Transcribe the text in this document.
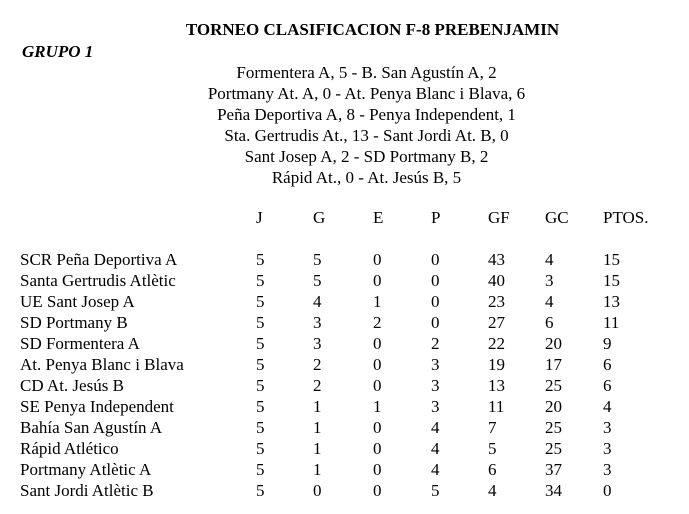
TORNEO CLASIFICACION F-8 PREBENJAMIN
GRUPO 1
Formentera A, 5 - B. San Agustín A, 2
Portmany At. A, 0 - At. Penya Blanc i Blava, 6
Peña Deportiva A, 8 - Penya Independent, 1
Sta. Gertrudis At., 13 - Sant Jordi At. B, 0
Sant Josep A, 2 - SD Portmany B, 2
Rápid At., 0 - At. Jesús B, 5
	J	G	E	P	GF	GC	PTOS.

SCR Peña Deportiva A	5	5	0	0	43	4	15
Santa Gertrudis Atlètic	5	5	0	0	40	3	15
UE Sant Josep A	5	4	1	0	23	4	13
SD Portmany B	5	3	2	0	27	6	11
SD Formentera A	5	3	0	2	22	20	9
At. Penya Blanc i Blava	5	2	0	3	19	17	6
CD At. Jesús B	5	2	0	3	13	25	6
SE Penya Independent	5	1	1	3	11	20	4
Bahía San Agustín A	5	1	0	4	7	25	3
Rápid Atlético	5	1	0	4	5	25	3
Portmany Atlètic A	5	1	0	4	6	37	3
Sant Jordi Atlètic B	5	0	0	5	4	34	0
